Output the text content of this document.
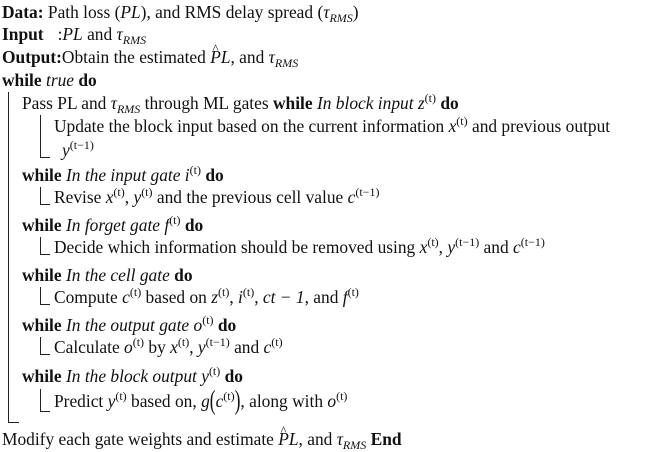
Data: Path loss (PL), and RMS delay spread $(\tau_{RMS})$
Input :PL and $\tau_{RMS}$
Output:Obtain the estimated ^ PL, and $\tau_{RMS}$
while true do
Pass PL and $\tau_{RMS}$ through ML gates while In block input $z^{(t)}$ do
Update the block input based on the current information $x^{(t)}$ and previous output
$y^{(t-1)}$
while In the input gate $i^{(t)}$ do
Revise $x^{(t)}$, $y^{(t)}$ and the previous cell value $c^{(t-1)}$
while In forget gate $f^{(t)}$ do
Decide which information should be removed using $x^{(t)}$, $y^{(t-1)}$ and $c^{(t-1)}$
while In the cell gate do
Compute $c^{(t)}$ based on $z^{(t)}$, $i^{(t)}$, ct − 1, and $f^{(t)}$
while In the output gate $o^{(t)}$ do
Calculate $o^{(t)}$ by $x^{(t)}$, $y^{(t-1)}$ and $c^{(t)}$
while In the block output $y^{(t)}$ do
Predict $y^{(t)}$ based on, $g(c^{(t)})$, along with $o^{(t)}$
Modify each gate weights and estimate ^ PL, and $\tau_{RMS}$ End
